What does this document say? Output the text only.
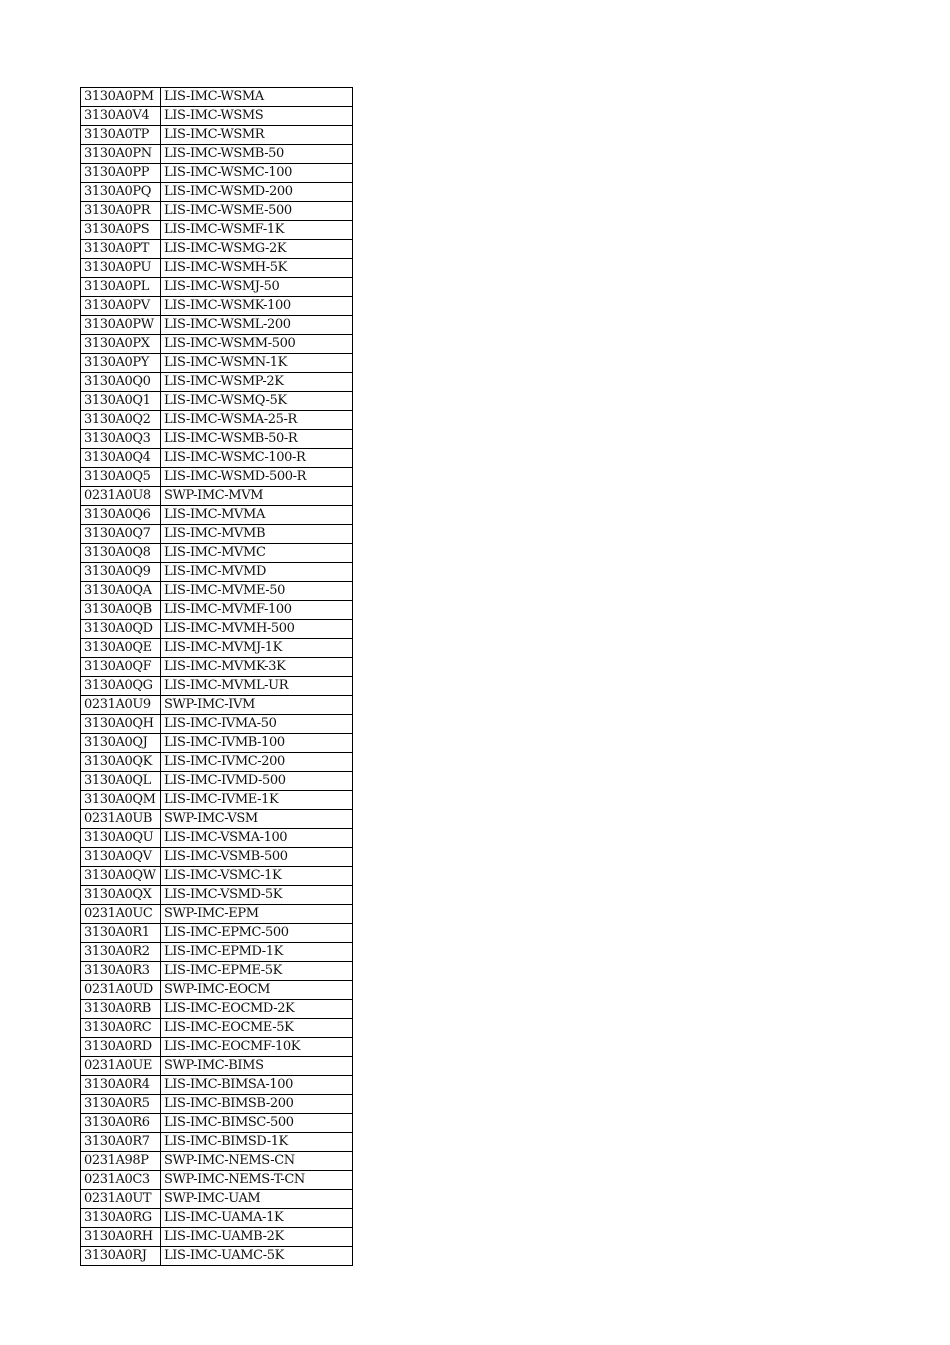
3130A0PM	LIS-IMC-WSMA
3130A0V4	LIS-IMC-WSMS
3130A0TP	LIS-IMC-WSMR
3130A0PN	LIS-IMC-WSMB-50
3130A0PP	LIS-IMC-WSMC-100
3130A0PQ	LIS-IMC-WSMD-200
3130A0PR	LIS-IMC-WSME-500
3130A0PS	LIS-IMC-WSMF-1K
3130A0PT	LIS-IMC-WSMG-2K
3130A0PU	LIS-IMC-WSMH-5K
3130A0PL	LIS-IMC-WSMJ-50
3130A0PV	LIS-IMC-WSMK-100
3130A0PW	LIS-IMC-WSML-200
3130A0PX	LIS-IMC-WSMM-500
3130A0PY	LIS-IMC-WSMN-1K
3130A0Q0	LIS-IMC-WSMP-2K
3130A0Q1	LIS-IMC-WSMQ-5K
3130A0Q2	LIS-IMC-WSMA-25-R
3130A0Q3	LIS-IMC-WSMB-50-R
3130A0Q4	LIS-IMC-WSMC-100-R
3130A0Q5	LIS-IMC-WSMD-500-R
0231A0U8	SWP-IMC-MVM
3130A0Q6	LIS-IMC-MVMA
3130A0Q7	LIS-IMC-MVMB
3130A0Q8	LIS-IMC-MVMC
3130A0Q9	LIS-IMC-MVMD
3130A0QA	LIS-IMC-MVME-50
3130A0QB	LIS-IMC-MVMF-100
3130A0QD	LIS-IMC-MVMH-500
3130A0QE	LIS-IMC-MVMJ-1K
3130A0QF	LIS-IMC-MVMK-3K
3130A0QG	LIS-IMC-MVML-UR
0231A0U9	SWP-IMC-IVM
3130A0QH	LIS-IMC-IVMA-50
3130A0QJ	LIS-IMC-IVMB-100
3130A0QK	LIS-IMC-IVMC-200
3130A0QL	LIS-IMC-IVMD-500
3130A0QM	LIS-IMC-IVME-1K
0231A0UB	SWP-IMC-VSM
3130A0QU	LIS-IMC-VSMA-100
3130A0QV	LIS-IMC-VSMB-500
3130A0QW	LIS-IMC-VSMC-1K
3130A0QX	LIS-IMC-VSMD-5K
0231A0UC	SWP-IMC-EPM
3130A0R1	LIS-IMC-EPMC-500
3130A0R2	LIS-IMC-EPMD-1K
3130A0R3	LIS-IMC-EPME-5K
0231A0UD	SWP-IMC-EOCM
3130A0RB	LIS-IMC-EOCMD-2K
3130A0RC	LIS-IMC-EOCME-5K
3130A0RD	LIS-IMC-EOCMF-10K
0231A0UE	SWP-IMC-BIMS
3130A0R4	LIS-IMC-BIMSA-100
3130A0R5	LIS-IMC-BIMSB-200
3130A0R6	LIS-IMC-BIMSC-500
3130A0R7	LIS-IMC-BIMSD-1K
0231A98P	SWP-IMC-NEMS-CN
0231A0C3	SWP-IMC-NEMS-T-CN
0231A0UT	SWP-IMC-UAM
3130A0RG	LIS-IMC-UAMA-1K
3130A0RH	LIS-IMC-UAMB-2K
3130A0RJ	LIS-IMC-UAMC-5K
